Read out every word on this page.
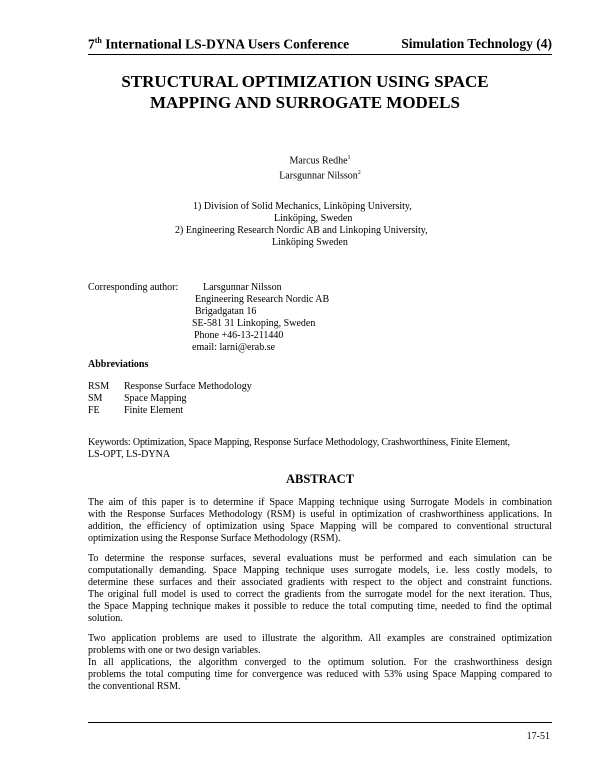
7th International LS-DYNA Users Conference	Simulation Technology (4)
STRUCTURAL OPTIMIZATION USING SPACE
MAPPING AND SURROGATE MODELS
Marcus Redhe$^1$
Larsgunnar Nilsson$^2$
1) Division of Solid Mechanics, Linköping University,
Linköping, Sweden
2) Engineering Research Nordic AB and Linkoping University,
Linköping Sweden
Corresponding author: Larsgunnar Nilsson
Engineering Research Nordic AB
Brigadgatan 16
SE-581 31 Linkoping, Sweden
Phone +46-13-211440
email: larni@erab.se
Abbreviations
RSM Response Surface Methodology
SM Space Mapping
FE Finite Element
Keywords: Optimization, Space Mapping, Response Surface Methodology, Crashworthiness, Finite Element,
LS-OPT, LS-DYNA
ABSTRACT
The aim of this paper is to determine if Space Mapping technique using Surrogate Models in combination
with the Response Surfaces Methodology (RSM) is useful in optimization of crashworthiness applications. In
addition, the efficiency of optimization using Space Mapping will be compared to conventional structural
optimization using the Response Surface Methodology (RSM).
To determine the response surfaces, several evaluations must be performed and each simulation can be
computationally demanding. Space Mapping technique uses surrogate models, i.e. less costly models, to
determine these surfaces and their associated gradients with respect to the object and constraint functions.
The original full model is used to correct the gradients from the surrogate model for the next iteration. Thus,
the Space Mapping technique makes it possible to reduce the total computing time, needed to find the optimal
solution.
Two application problems are used to illustrate the algorithm. All examples are constrained optimization
problems with one or two design variables.
In all applications, the algorithm converged to the optimum solution. For the crashworthiness design
problems the total computing time for convergence was reduced with 53% using Space Mapping compared to
the conventional RSM.
17-51
